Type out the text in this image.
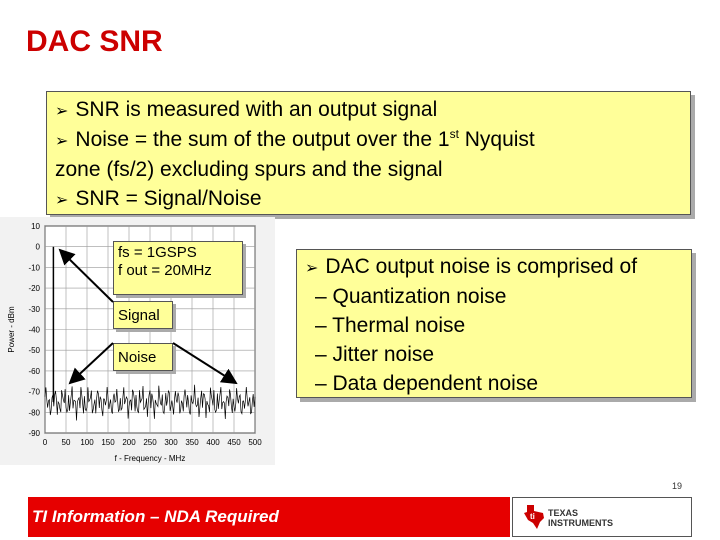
DAC SNR
➢ SNR is measured with an output signal
➢ Noise = the sum of the output over the 1st Nyquist
zone (fs/2) excluding spurs and the signal
➢ SNR = Signal/Noise
0 50 100 150 200 250 300 350 400 450 500
10
0
-10
-20
-30
-40
-50
-60
-70
-80
-90
f - Frequency - MHz
Power - dBm
fs = 1GSPS
f out = 20MHz
Signal
Noise
➢ DAC output noise is comprised of
– Quantization noise
– Thermal noise
– Jitter noise
– Data dependent noise
19
TI Information – NDA Required	ti TEXAS
INSTRUMENTS
